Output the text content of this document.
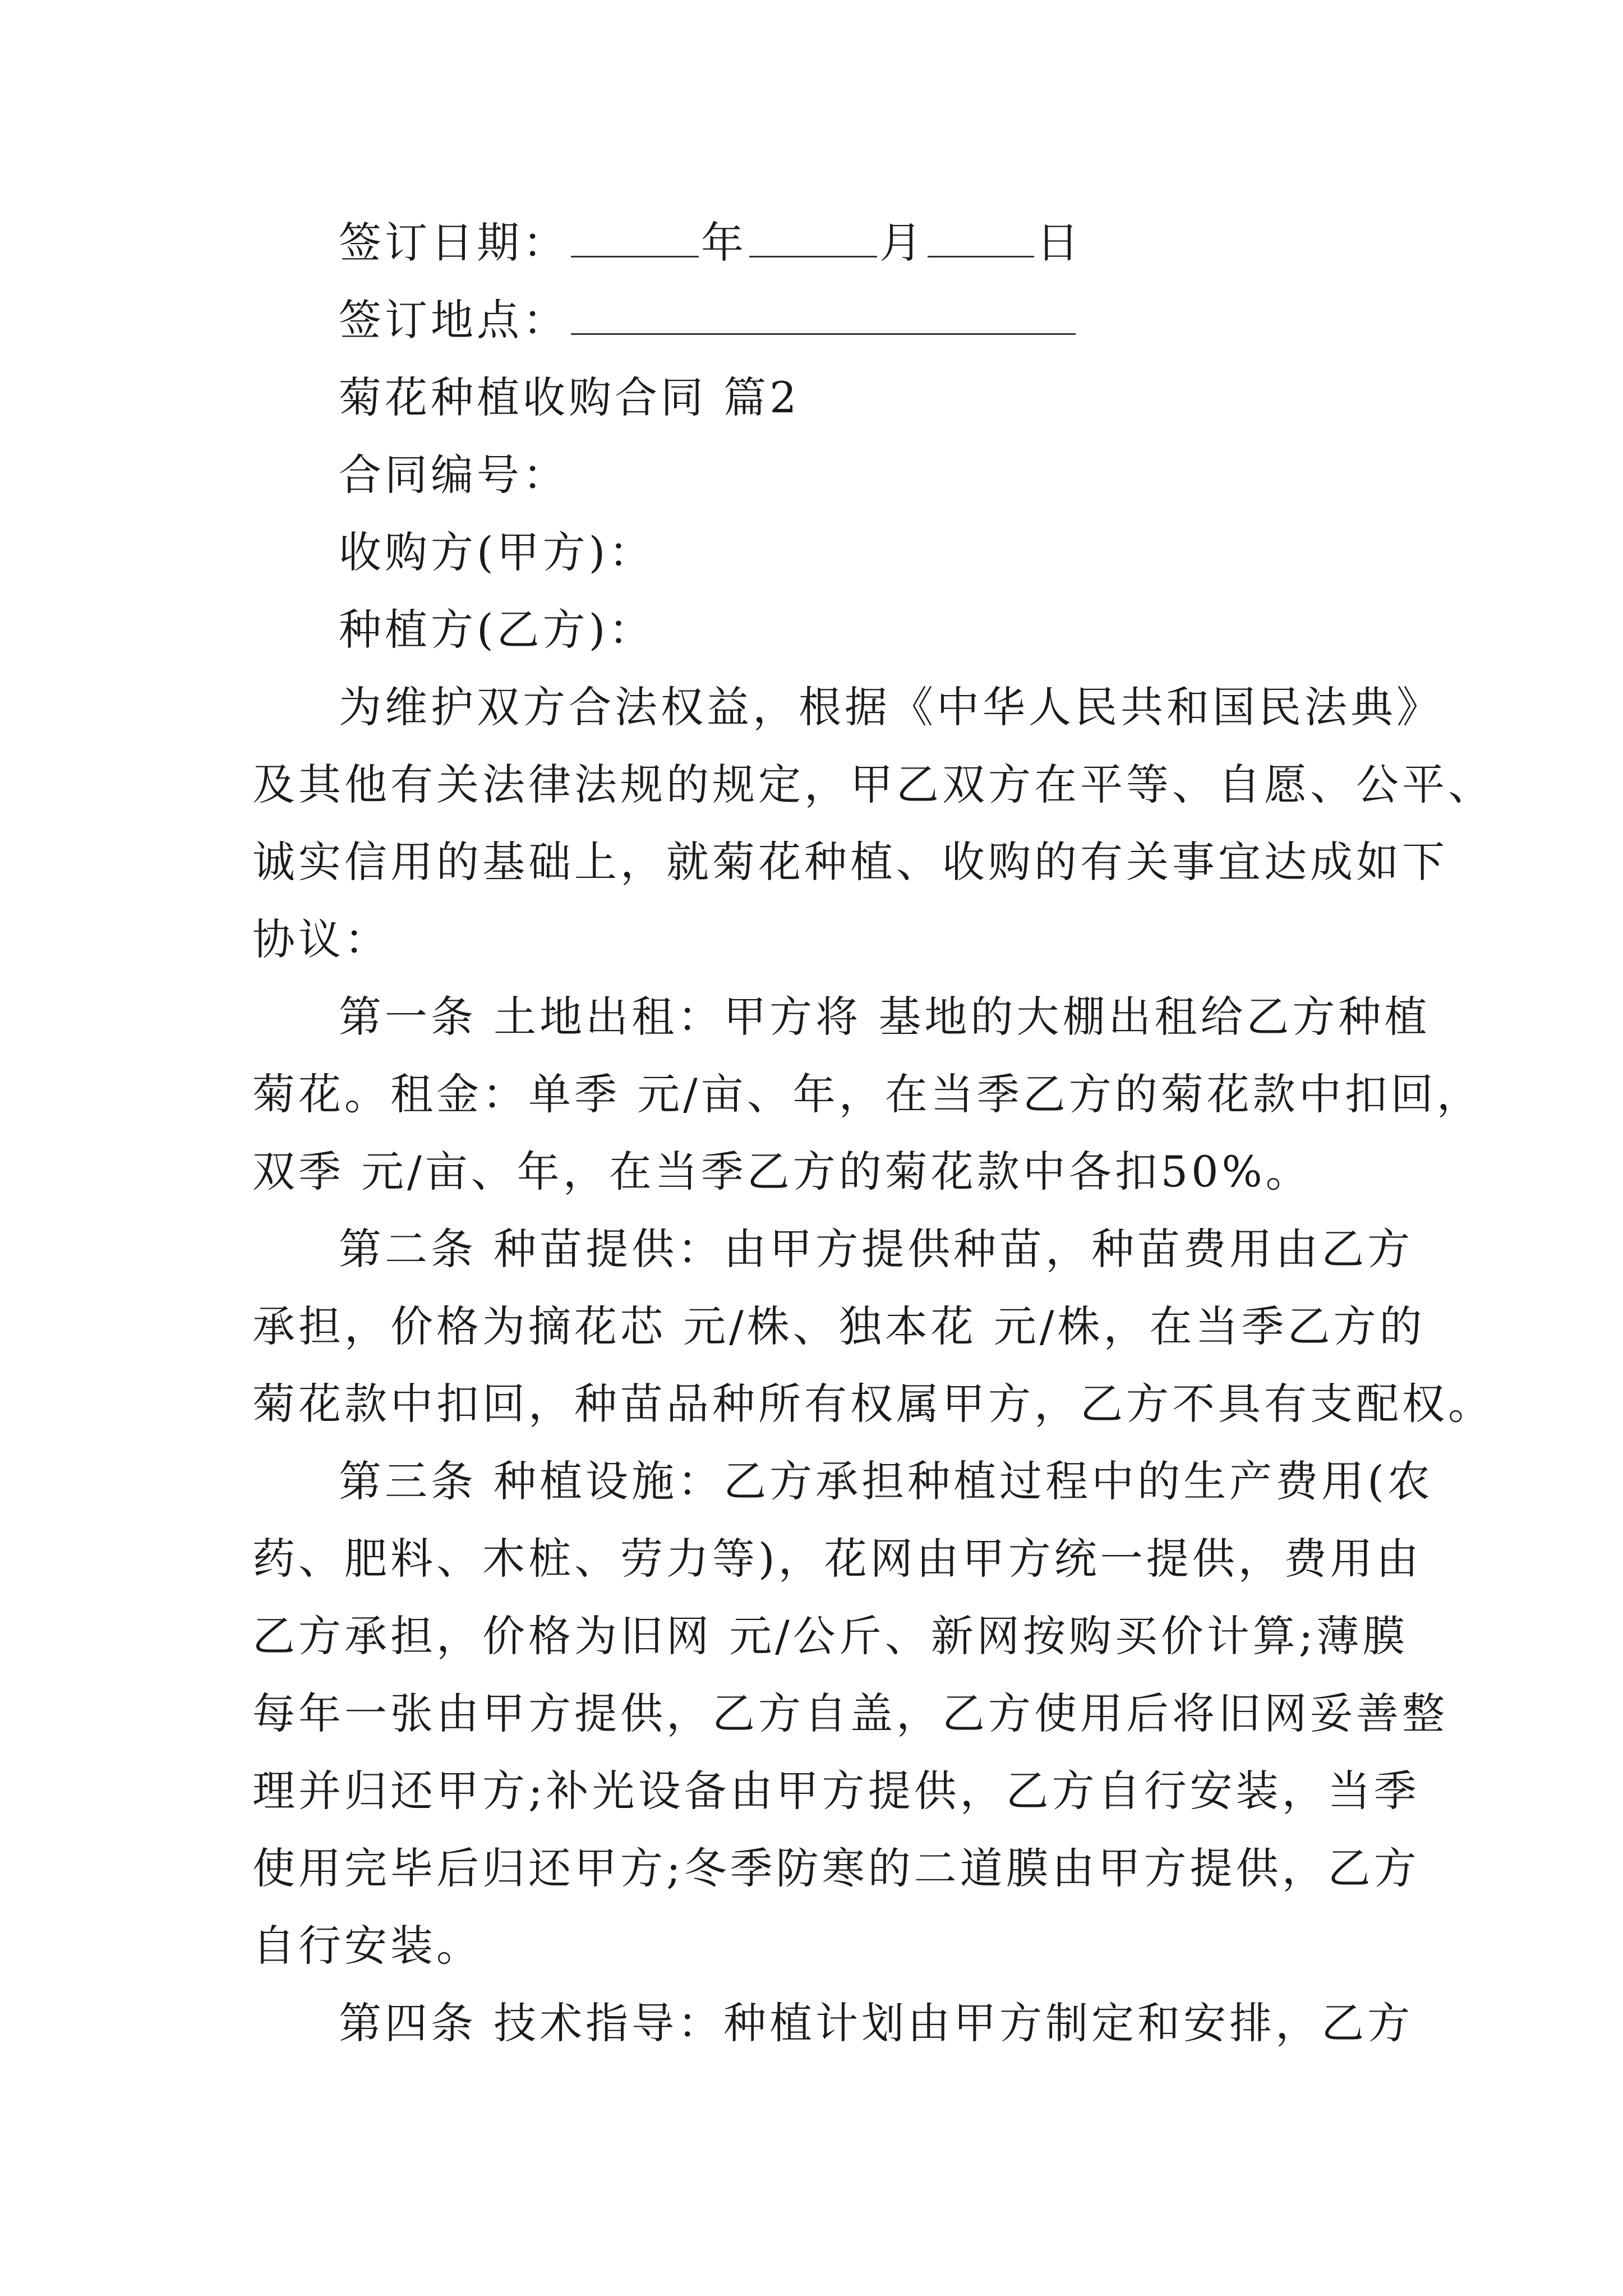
签订日期：	年	月	日
签订地点：
菊花种植收购合同 篇2
合同编号：
收购方(甲方)：
种植方(乙方)：
为维护双方合法权益，根据《中华人民共和国民法典》
及其他有关法律法规的规定，甲乙双方在平等、自愿、公平、
诚实信用的基础上，就菊花种植、收购的有关事宜达成如下
协议：
第一条 土地出租：甲方将 基地的大棚出租给乙方种植
菊花。租金：单季 元/亩、年，在当季乙方的菊花款中扣回，
双季 元/亩、年，在当季乙方的菊花款中各扣50%。
第二条 种苗提供：由甲方提供种苗，种苗费用由乙方
承担，价格为摘花芯 元/株、独本花 元/株，在当季乙方的
菊花款中扣回，种苗品种所有权属甲方，乙方不具有支配权。
第三条 种植设施：乙方承担种植过程中的生产费用(农
药、肥料、木桩、劳力等)，花网由甲方统一提供，费用由
乙方承担，价格为旧网 元/公斤、新网按购买价计算;薄膜
每年一张由甲方提供，乙方自盖，乙方使用后将旧网妥善整
理并归还甲方;补光设备由甲方提供，乙方自行安装，当季
使用完毕后归还甲方;冬季防寒的二道膜由甲方提供，乙方
自行安装。
第四条 技术指导：种植计划由甲方制定和安排，乙方
